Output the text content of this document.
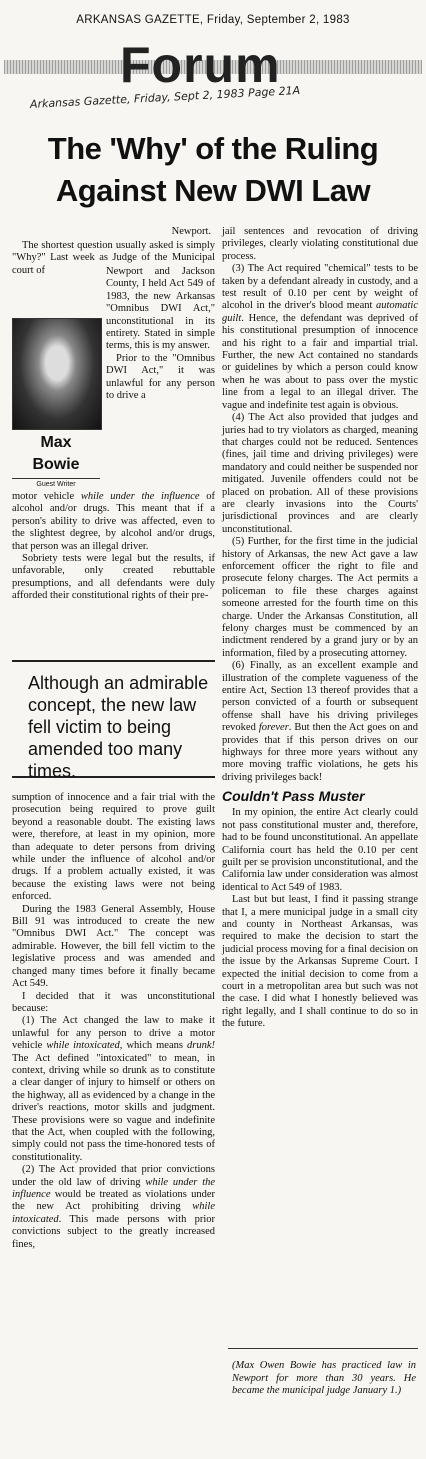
ARKANSAS GAZETTE, Friday, September 2, 1983
Forum
Arkansas Gazette, Friday, Sept 2, 1983 Page 21A
The 'Why' of the Ruling
Against New DWI Law
Newport.

The shortest question usually asked is simply "Why?" Last week as Judge of the Municipal court of	Newport and Jackson County, I held Act 549 of 1983, the new Arkansas "Omnibus DWI Act," unconstitutional in its entirety. Stated in simple terms, this is my answer.

Prior to the "Omnibus DWI Act," it was unlawful for any person to drive a

Max
Bowie
Guest Writer

motor vehicle while under the influence of alcohol and/or drugs. This meant that if a person's ability to drive was affected, even to the slightest degree, by alcohol and/or drugs, that person was an illegal driver.

Sobriety tests were legal but the results, if unfavorable, only created rebuttable presumptions, and all defendants were duly afforded their constitutional rights of their pre-

Although an admirable concept, the new law fell victim to being amended too many times.

sumption of innocence and a fair trial with the prosecution being required to prove guilt beyond a reasonable doubt. The existing laws were, therefore, at least in my opinion, more than adequate to deter persons from driving while under the influence of alcohol and/or drugs. If a problem actually existed, it was because the existing laws were not being enforced.

During the 1983 General Assembly, House Bill 91 was introduced to create the new "Omnibus DWI Act." The concept was admirable. However, the bill fell victim to the legislative process and was amended and changed many times before it finally became Act 549.

I decided that it was unconstitutional because:

(1) The Act changed the law to make it unlawful for any person to drive a motor vehicle while intoxicated, which means drunk! The Act defined "intoxicated" to mean, in context, driving while so drunk as to constitute a clear danger of injury to himself or others on the highway, all as evidenced by a change in the driver's reactions, motor skills and judgment. These provisions were so vague and indefinite that the Act, when coupled with the following, simply could not pass the time-honored tests of constitutionality.

(2) The Act provided that prior convictions under the old law of driving while under the influence would be treated as violations under the new Act prohibiting driving while intoxicated. This made persons with prior convictions subject to the greatly increased fines,

jail sentences and revocation of driving privileges, clearly violating constitutional due process.

(3) The Act required "chemical" tests to be taken by a defendant already in custody, and a test result of 0.10 per cent by weight of alcohol in the driver's blood meant automatic guilt. Hence, the defendant was deprived of his constitutional presumption of innocence and his right to a fair and impartial trial. Further, the new Act contained no standards or guidelines by which a person could know when he was about to pass over the mystic line from a legal to an illegal driver. The vague and indefinite test again is obvious.

(4) The Act also provided that judges and juries had to try violators as charged, meaning that charges could not be reduced. Sentences (fines, jail time and driving privileges) were mandatory and could neither be suspended nor mitigated. Juvenile offenders could not be placed on probation. All of these provisions are clearly invasions into the Courts' jurisdictional provinces and are clearly unconstitutional.

(5) Further, for the first time in the judicial history of Arkansas, the new Act gave a law enforcement officer the right to file and prosecute felony charges. The Act permits a policeman to file these charges against someone arrested for the fourth time on this charge. Under the Arkansas Constitution, all felony charges must be commenced by an indictment rendered by a grand jury or by an information, filed by a prosecuting attorney.

(6) Finally, as an excellent example and illustration of the complete vagueness of the entire Act, Section 13 thereof provides that a person convicted of a fourth or subsequent offense shall have his driving privileges revoked forever. But then the Act goes on and provides that if this person drives on our highways for three more years without any more moving traffic violations, he gets his driving privileges back!

Couldn't Pass Muster

In my opinion, the entire Act clearly could not pass constitutional muster and, therefore, had to be found unconstitutional. An appellate California court has held the 0.10 per cent guilt per se provision unconstitutional, and the California law under consideration was almost identical to Act 549 of 1983.

Last but but least, I find it passing strange that I, a mere municipal judge in a small city and county in Northeast Arkansas, was required to make the decision to start the judicial process moving for a final decision on the issue by the Arkansas Supreme Court. I expected the initial decision to come from a court in a metropolitan area but such was not the case. I did what I honestly believed was right legally, and I shall continue to do so in the future.

(Max Owen Bowie has practiced law in Newport for more than 30 years. He became the municipal judge January 1.)
